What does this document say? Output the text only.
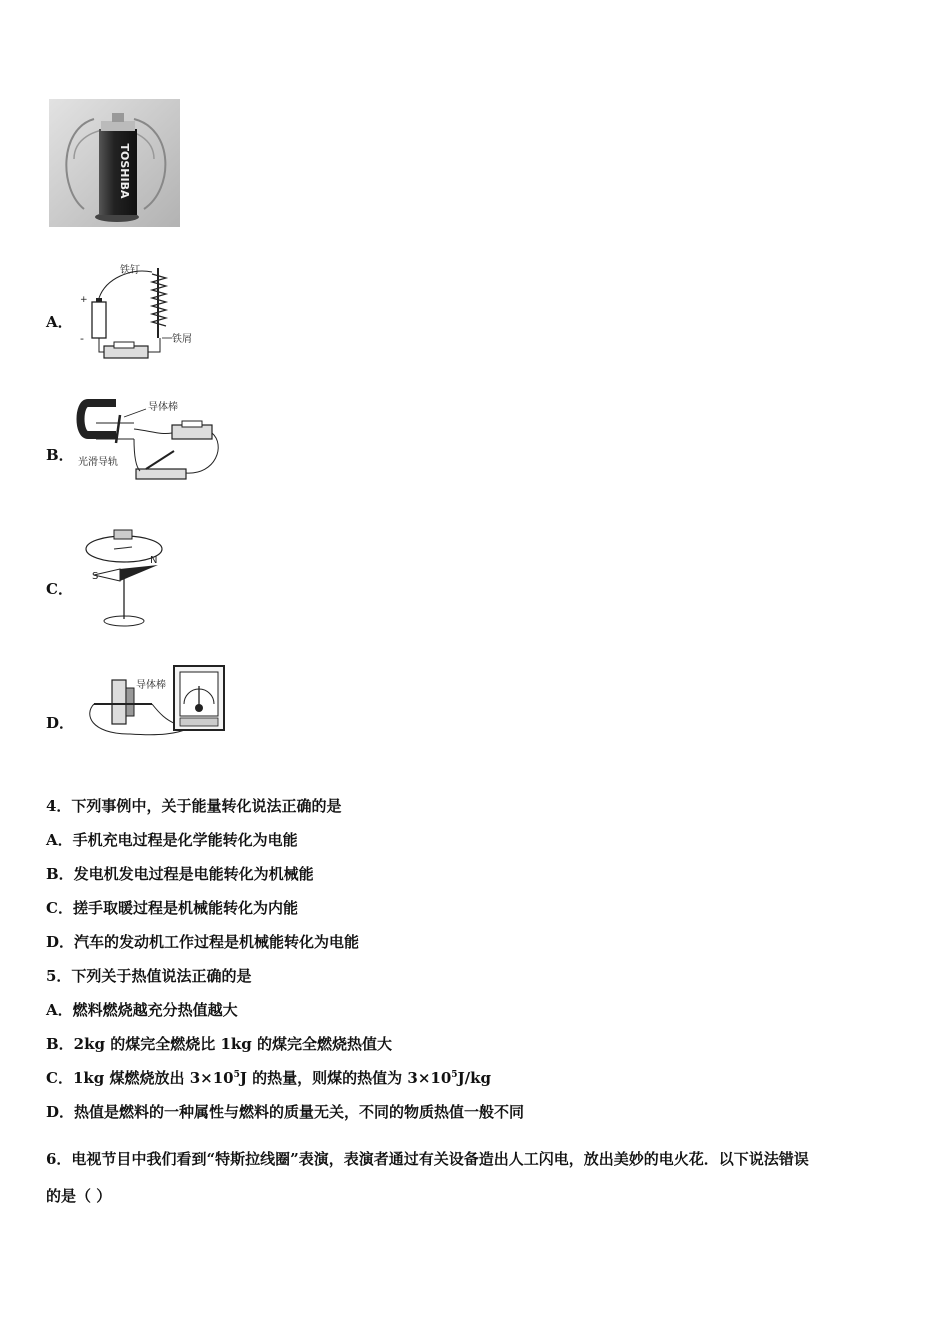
TOSHIBA
A．
铁钉
+
-	铁屑
B．
导体棒
光滑导轨
C．
S
N
D．
导体棒
4．下列事例中，关于能量转化说法正确的是
A．手机充电过程是化学能转化为电能
B．发电机发电过程是电能转化为机械能
C．搓手取暖过程是机械能转化为内能
D．汽车的发动机工作过程是机械能转化为电能
5．下列关于热值说法正确的是
A．燃料燃烧越充分热值越大
B．2kg 的煤完全燃烧比 1kg 的煤完全燃烧热值大
C．1kg 煤燃烧放出 $3\times 10^5J$ 的热量，则煤的热值为 $3\times 10^5J/kg$
D．热值是燃料的一种属性与燃料的质量无关，不同的物质热值一般不同
6．电视节目中我们看到“特斯拉线圈”表演，表演者通过有关设备造出人工闪电，放出美妙的电火花．以下说法错误
的是（ ）
